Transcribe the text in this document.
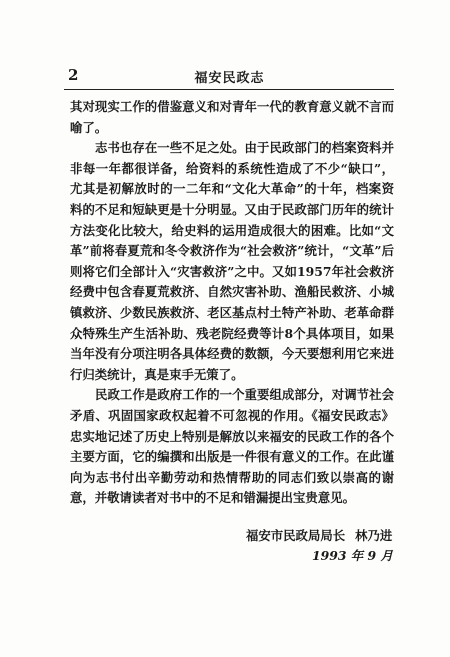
2	福安民政志

其对现实工作的借鉴意义和对青年一代的教育意义就不言而喻了。

志书也存在一些不足之处。由于民政部门的档案资料并非每一年都很详备，给资料的系统性造成了不少“缺口”，尤其是初解放时的一二年和“文化大革命”的十年，档案资料的不足和短缺更是十分明显。又由于民政部门历年的统计方法变化比较大，给史料的运用造成很大的困难。比如“文革”前将春夏荒和冬令救济作为“社会救济”统计，“文革”后则将它们全部计入“灾害救济”之中。又如1957年社会救济经费中包含春夏荒救济、自然灾害补助、渔船民救济、小城镇救济、少数民族救济、老区基点村土特产补助、老革命群众特殊生产生活补助、残老院经费等计8个具体项目，如果当年没有分项注明各具体经费的数额，今天要想利用它来进行归类统计，真是束手无策了。

民政工作是政府工作的一个重要组成部分，对调节社会矛盾、巩固国家政权起着不可忽视的作用。《福安民政志》忠实地记述了历史上特别是解放以来福安的民政工作的各个主要方面，它的编撰和出版是一件很有意义的工作。在此谨向为志书付出辛勤劳动和热情帮助的同志们致以崇高的谢意，并敬请读者对书中的不足和错漏提出宝贵意见。

福安市民政局局长 林乃进
1993 年 9 月
